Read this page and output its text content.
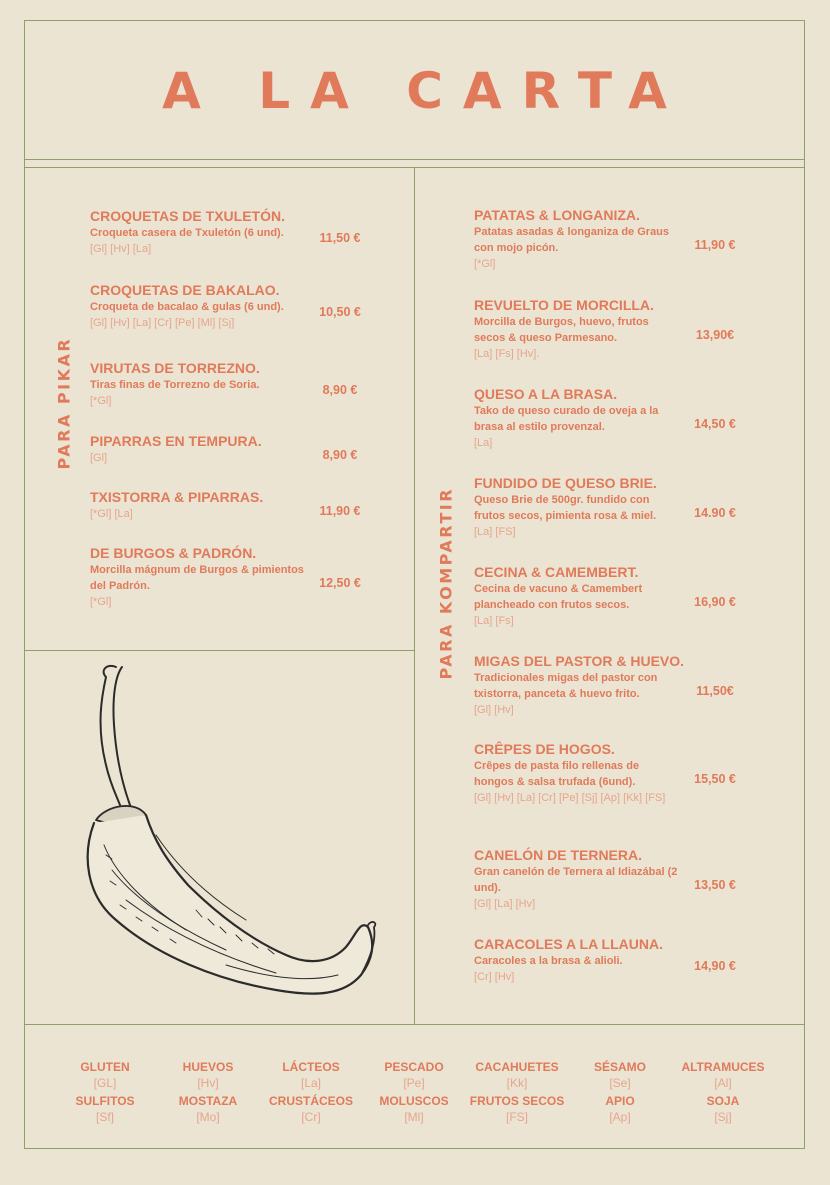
A LA CARTA
PARA PIKAR
PARA KOMPARTIR
CROQUETAS DE TXULETÓN.
Croqueta casera de Txuletón (6 und).
[Gl] [Hv] [La]
11,50 €
CROQUETAS DE BAKALAO.
Croqueta de bacalao & gulas (6 und).
[Gl] [Hv] [La] [Cr] [Pe] [Ml] [Sj]
10,50 €
VIRUTAS DE TORREZNO.
Tiras finas de Torrezno de Soria.
[*Gl]
8,90 €
PIPARRAS EN TEMPURA.
[Gl]	8,90 €
TXISTORRA & PIPARRAS.
[*Gl] [La]	11,90 €
DE BURGOS & PADRÓN.
Morcilla mágnum de Burgos & pimientos del Padrón.
[*Gl]
12,50 €
PATATAS & LONGANIZA.
Patatas asadas & longaniza de Graus con mojo picón.
[*Gl]
11,90 €
REVUELTO DE MORCILLA.
Morcilla de Burgos, huevo, frutos secos & queso Parmesano.
[La] [Fs] [Hv].
13,90€
QUESO A LA BRASA.
Tako de queso curado de oveja a la brasa al estilo provenzal.
[La]
14,50 €
FUNDIDO DE QUESO BRIE.
Queso Brie de 500gr. fundido con frutos secos, pimienta rosa & miel.
[La] [FS]
14.90 €
CECINA & CAMEMBERT.
Cecina de vacuno & Camembert plancheado con frutos secos.
[La] [Fs]
16,90 €
MIGAS DEL PASTOR & HUEVO.
Tradicionales migas del pastor con txistorra, panceta & huevo frito.
[Gl] [Hv]
11,50€
CRÊPES DE HOGOS.
Crêpes de pasta filo rellenas de hongos & salsa trufada (6und).
[Gl] [Hv] [La] [Cr] [Pe] [Sj] [Ap] [Kk] [FS]
15,50 €
CANELÓN DE TERNERA.
Gran canelón de Ternera al Idiazábal (2 und).
[Gl] [La] [Hv]
13,50 €
CARACOLES A LA LLAUNA.
Caracoles a la brasa & alioli.
[Cr] [Hv]
14,90 €
GLUTEN
[GL]
HUEVOS
[Hv]
LÁCTEOS
[La]
PESCADO
[Pe]
CACAHUETES
[Kk]
SÉSAMO
[Se]
ALTRAMUCES
[Al]
SULFITOS
[Sf]
MOSTAZA
[Mo]
CRUSTÁCEOS
[Cr]
MOLUSCOS
[Ml]
FRUTOS SECOS
[FS]
APIO
[Ap]
SOJA
[Sj]
